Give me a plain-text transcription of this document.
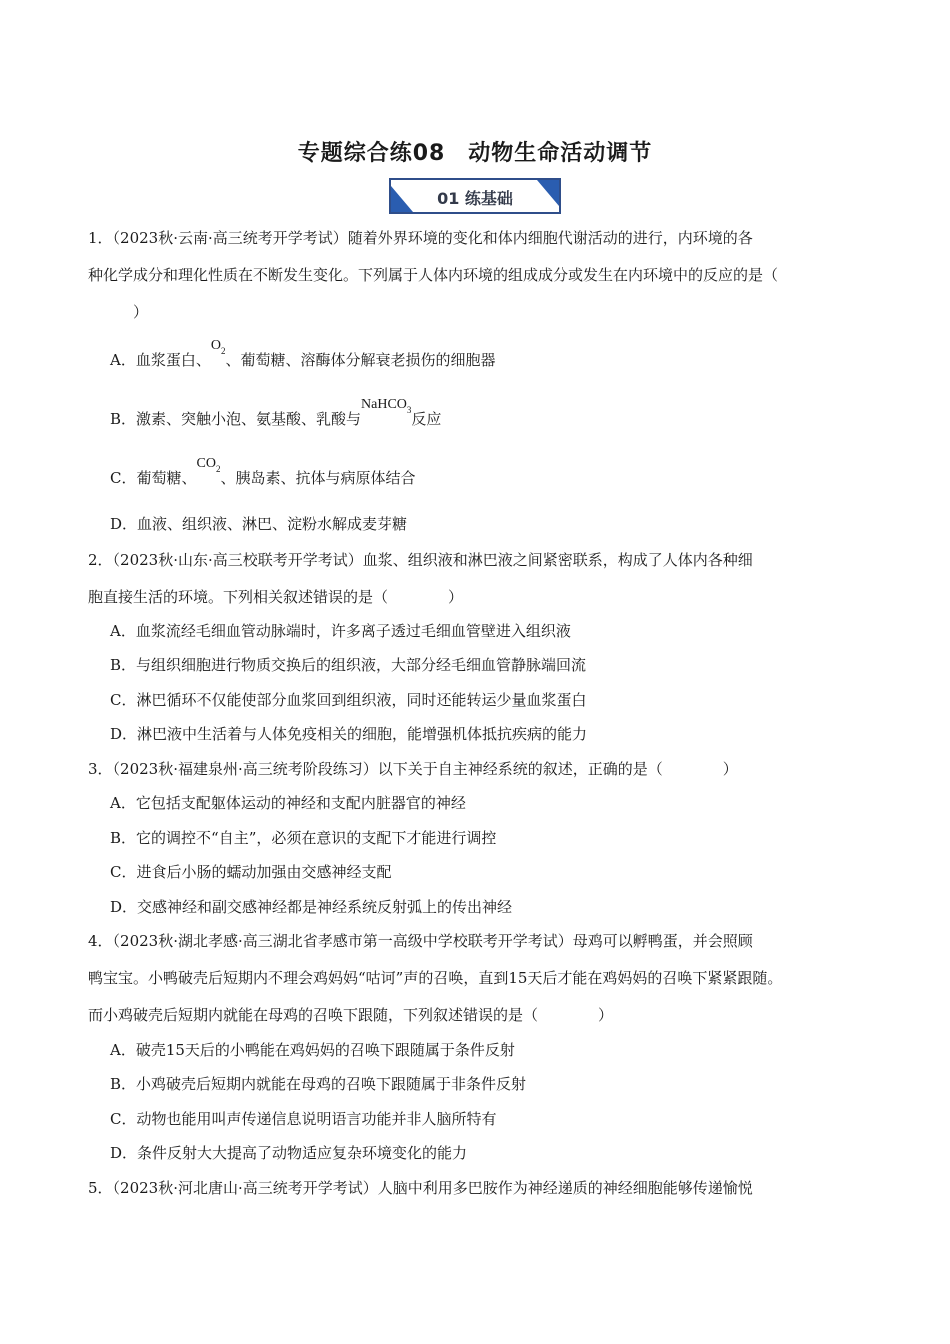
专题综合练08　动物生命活动调节
01 练基础
1．（2023秋·云南·高三统考开学考试）随着外界环境的变化和体内细胞代谢活动的进行，内环境的各
种化学成分和理化性质在不断发生变化。下列属于人体内环境的组成成分或发生在内环境中的反应的是（
　　　）
A．血浆蛋白、$O_2$、葡萄糖、溶酶体分解衰老损伤的细胞器
B．激素、突触小泡、氨基酸、乳酸与NaHCO$_3$反应
C．葡萄糖、$CO_2$、胰岛素、抗体与病原体结合
D．血液、组织液、淋巴、淀粉水解成麦芽糖
2．（2023秋·山东·高三校联考开学考试）血浆、组织液和淋巴液之间紧密联系，构成了人体内各种细
胞直接生活的环境。下列相关叙述错误的是（　　　　）
A．血浆流经毛细血管动脉端时，许多离子透过毛细血管壁进入组织液
B．与组织细胞进行物质交换后的组织液，大部分经毛细血管静脉端回流
C．淋巴循环不仅能使部分血浆回到组织液，同时还能转运少量血浆蛋白
D．淋巴液中生活着与人体免疫相关的细胞，能增强机体抵抗疾病的能力
3．（2023秋·福建泉州·高三统考阶段练习）以下关于自主神经系统的叙述，正确的是（　　　　）
A．它包括支配躯体运动的神经和支配内脏器官的神经
B．它的调控不“自主”，必须在意识的支配下才能进行调控
C．进食后小肠的蠕动加强由交感神经支配
D．交感神经和副交感神经都是神经系统反射弧上的传出神经
4．（2023秋·湖北孝感·高三湖北省孝感市第一高级中学校联考开学考试）母鸡可以孵鸭蛋，并会照顾
鸭宝宝。小鸭破壳后短期内不理会鸡妈妈“咕诃”声的召唤，直到15天后才能在鸡妈妈的召唤下紧紧跟随。
而小鸡破壳后短期内就能在母鸡的召唤下跟随，下列叙述错误的是（　　　　）
A．破壳15天后的小鸭能在鸡妈妈的召唤下跟随属于条件反射
B．小鸡破壳后短期内就能在母鸡的召唤下跟随属于非条件反射
C．动物也能用叫声传递信息说明语言功能并非人脑所特有
D．条件反射大大提高了动物适应复杂环境变化的能力
5．（2023秋·河北唐山·高三统考开学考试）人脑中利用多巴胺作为神经递质的神经细胞能够传递愉悦
